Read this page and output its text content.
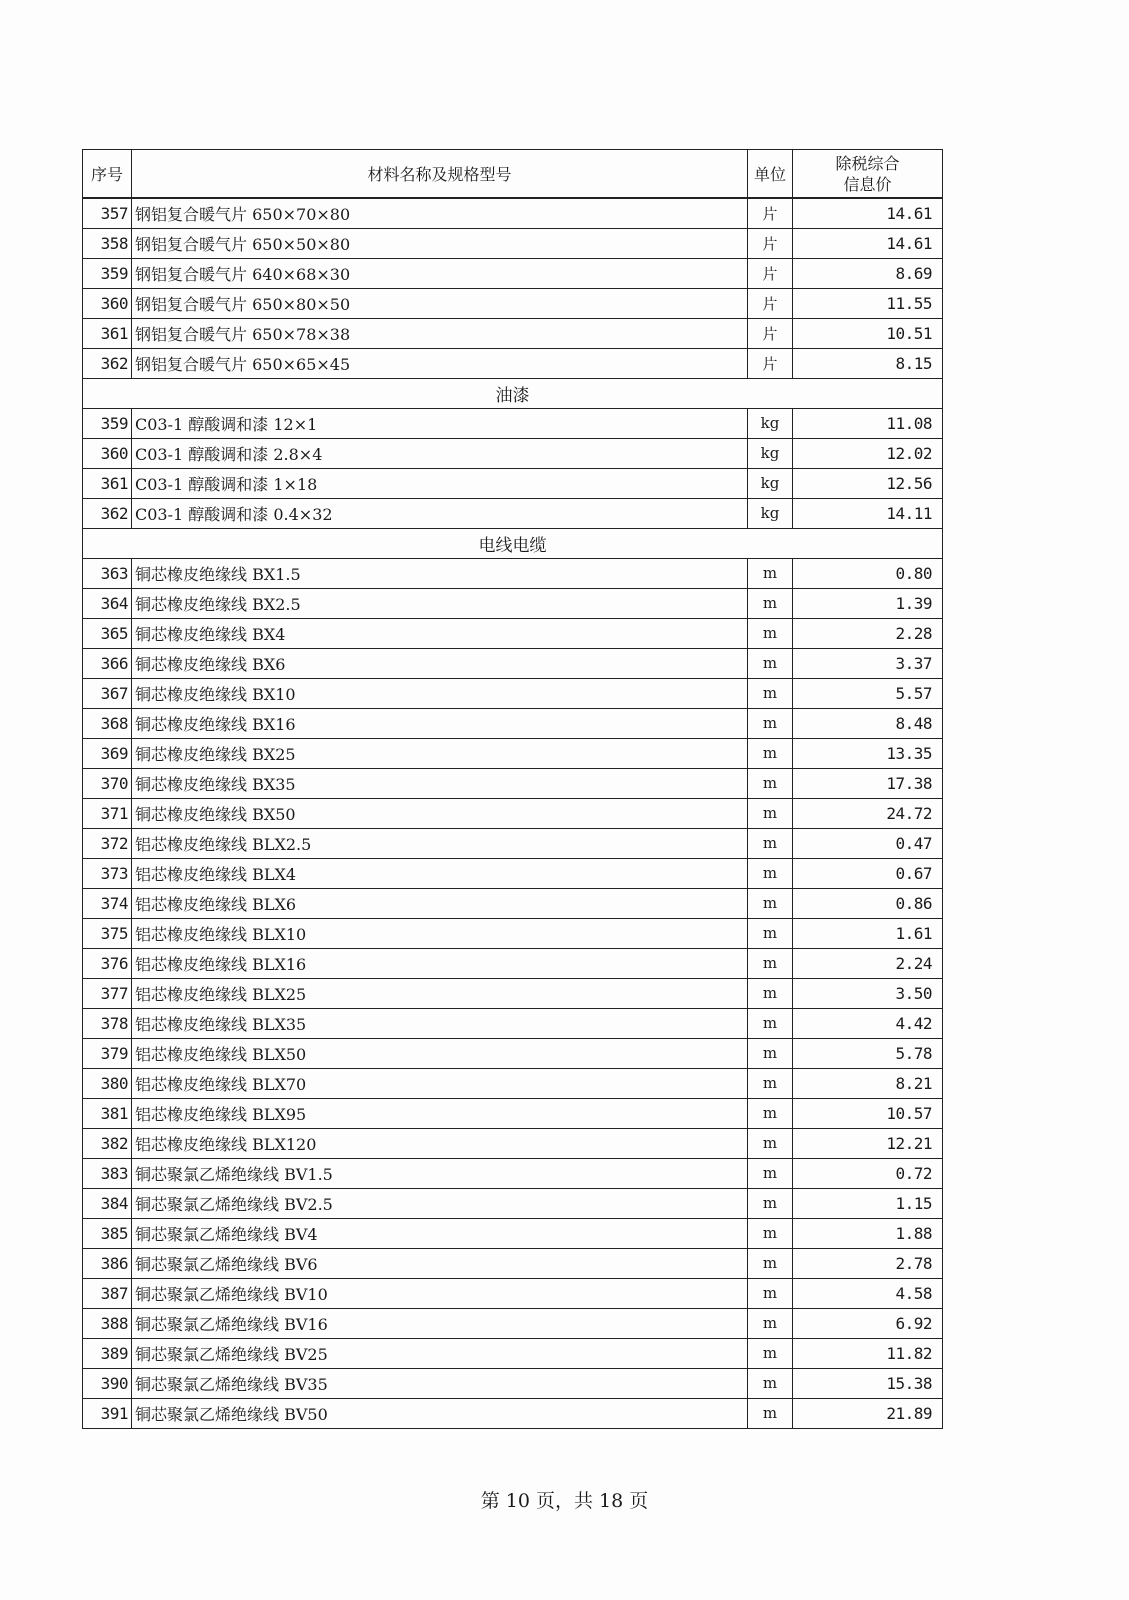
序号	材料名称及规格型号	单位	除税综合
信息价

357	钢铝复合暖气片 650×70×80	片	14.61
358	钢铝复合暖气片 650×50×80	片	14.61
359	钢铝复合暖气片 640×68×30	片	8.69
360	钢铝复合暖气片 650×80×50	片	11.55
361	钢铝复合暖气片 650×78×38	片	10.51
362	钢铝复合暖气片 650×65×45	片	8.15
油漆			
359	C03-1 醇酸调和漆 12×1	kg	11.08
360	C03-1 醇酸调和漆 2.8×4	kg	12.02
361	C03-1 醇酸调和漆 1×18	kg	12.56
362	C03-1 醇酸调和漆 0.4×32	kg	14.11
电线电缆			
363	铜芯橡皮绝缘线 BX1.5	m	0.80
364	铜芯橡皮绝缘线 BX2.5	m	1.39
365	铜芯橡皮绝缘线 BX4	m	2.28
366	铜芯橡皮绝缘线 BX6	m	3.37
367	铜芯橡皮绝缘线 BX10	m	5.57
368	铜芯橡皮绝缘线 BX16	m	8.48
369	铜芯橡皮绝缘线 BX25	m	13.35
370	铜芯橡皮绝缘线 BX35	m	17.38
371	铜芯橡皮绝缘线 BX50	m	24.72
372	铝芯橡皮绝缘线 BLX2.5	m	0.47
373	铝芯橡皮绝缘线 BLX4	m	0.67
374	铝芯橡皮绝缘线 BLX6	m	0.86
375	铝芯橡皮绝缘线 BLX10	m	1.61
376	铝芯橡皮绝缘线 BLX16	m	2.24
377	铝芯橡皮绝缘线 BLX25	m	3.50
378	铝芯橡皮绝缘线 BLX35	m	4.42
379	铝芯橡皮绝缘线 BLX50	m	5.78
380	铝芯橡皮绝缘线 BLX70	m	8.21
381	铝芯橡皮绝缘线 BLX95	m	10.57
382	铝芯橡皮绝缘线 BLX120	m	12.21
383	铜芯聚氯乙烯绝缘线 BV1.5	m	0.72
384	铜芯聚氯乙烯绝缘线 BV2.5	m	1.15
385	铜芯聚氯乙烯绝缘线 BV4	m	1.88
386	铜芯聚氯乙烯绝缘线 BV6	m	2.78
387	铜芯聚氯乙烯绝缘线 BV10	m	4.58
388	铜芯聚氯乙烯绝缘线 BV16	m	6.92
389	铜芯聚氯乙烯绝缘线 BV25	m	11.82
390	铜芯聚氯乙烯绝缘线 BV35	m	15.38
391	铜芯聚氯乙烯绝缘线 BV50	m	21.89
第 10 页，共 18 页
